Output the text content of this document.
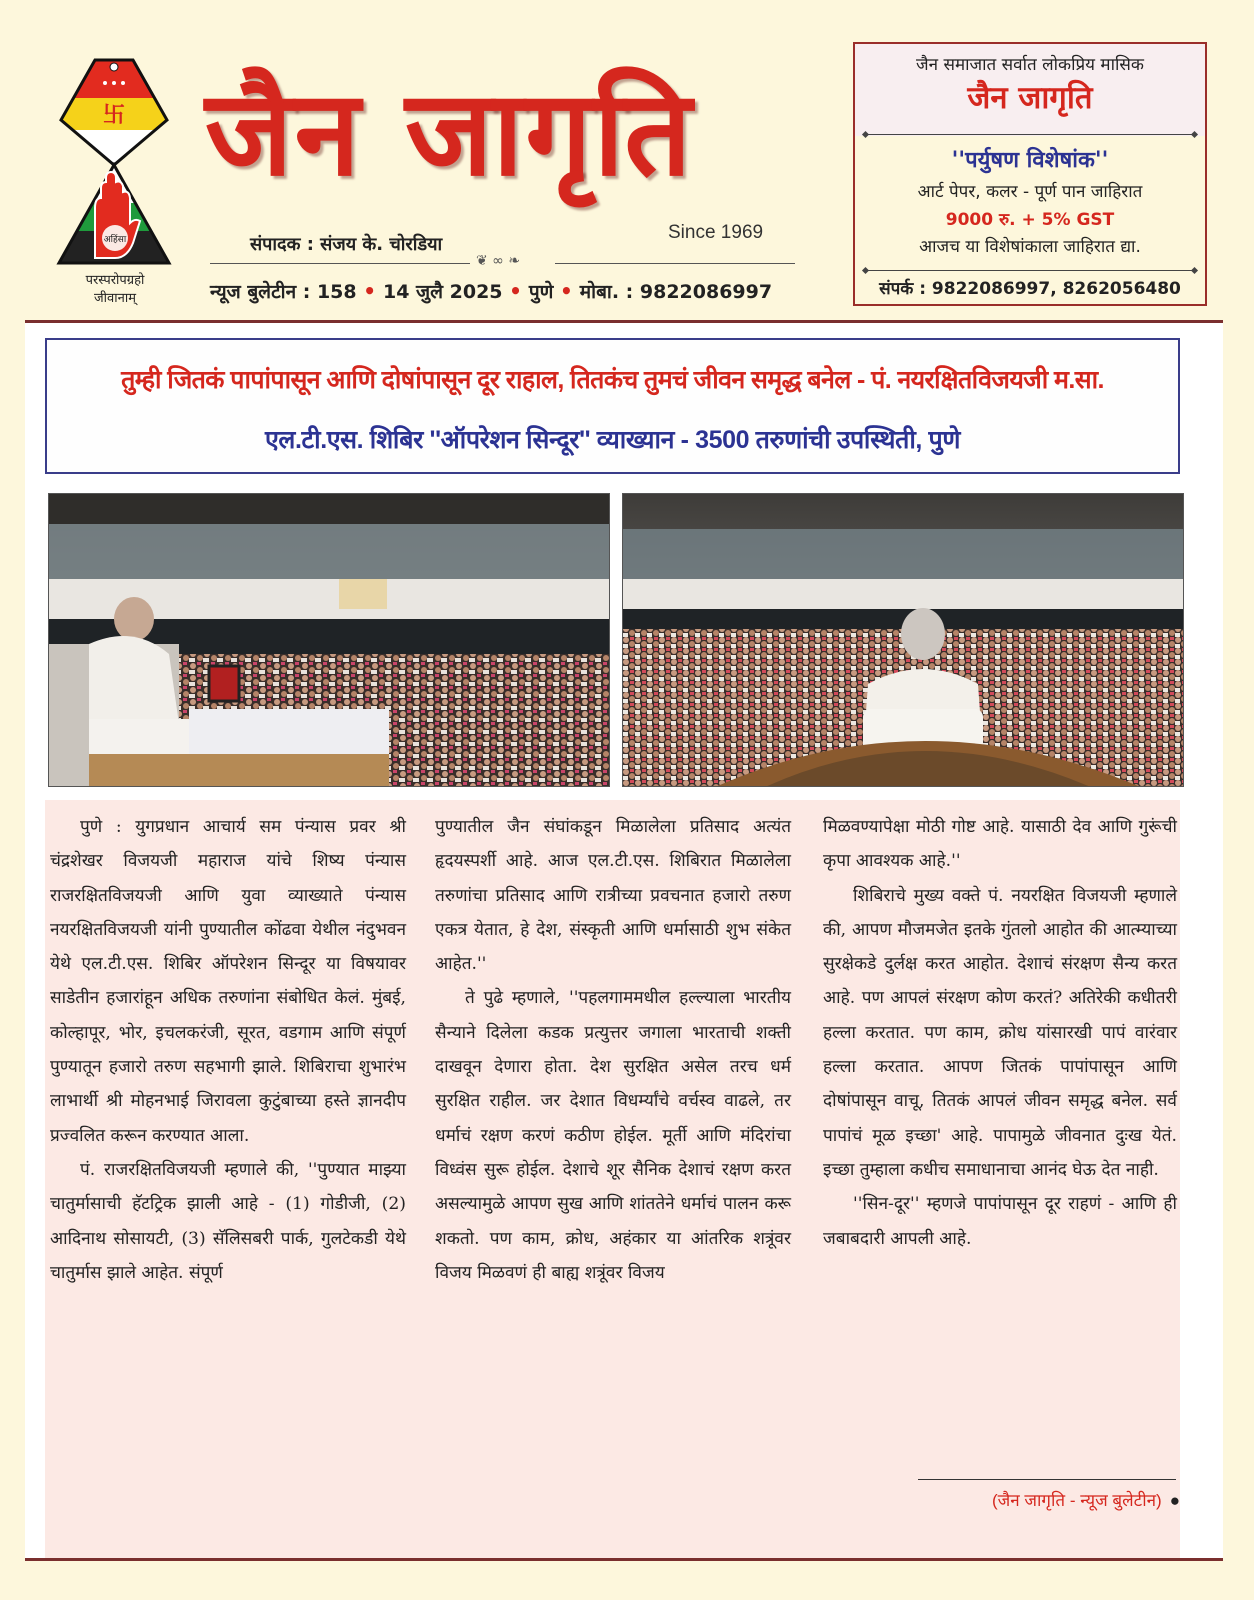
卐
अहिंसा
परस्परोपग्रहो
जीवानाम्
जैन जागृति
Since 1969
संपादक : संजय के. चोरडिया
❦ ∞ ❧
न्यूज बुलेटीन : 158 • 14 जुलै 2025 • पुणे • मोबा. : 9822086997
जैन समाजात सर्वात लोकप्रिय मासिक
जैन जागृति
''पर्युषण विशेषांक''
आर्ट पेपर, कलर - पूर्ण पान जाहिरात
9000 रु. + 5% GST
आजच या विशेषांकाला जाहिरात द्या.
संपर्क : 9822086997, 8262056480
तुम्ही जितकं पापांपासून आणि दोषांपासून दूर राहाल, तितकंच तुमचं जीवन समृद्ध बनेल - पं. नयरक्षितविजयजी म.सा.
एल.टी.एस. शिबिर ''ऑपरेशन सिन्दूर'' व्याख्यान - 3500 तरुणांची उपस्थिती, पुणे

पुणे : युगप्रधान आचार्य सम पंन्यास प्रवर श्री चंद्रशेखर विजयजी महाराज यांचे शिष्य पंन्यास राजरक्षितविजयजी आणि युवा व्याख्याते पंन्यास नयरक्षितविजयजी यांनी पुण्यातील कोंढवा येथील नंदुभवन येथे एल.टी.एस. शिबिर ऑपरेशन सिन्दूर या विषयावर साडेतीन हजारांहून अधिक तरुणांना संबोधित केलं. मुंबई, कोल्हापूर, भोर, इचलकरंजी, सूरत, वडगाम आणि संपूर्ण पुण्यातून हजारो तरुण सहभागी झाले. शिबिराचा शुभारंभ लाभार्थी श्री मोहनभाई जिरावला कुटुंबाच्या हस्ते ज्ञानदीप प्रज्वलित करून करण्यात आला.

पं. राजरक्षितविजयजी म्हणाले की, ''पुण्यात माझ्या चातुर्मासाची हॅटट्रिक झाली आहे - (1) गोडीजी, (2) आदिनाथ सोसायटी, (3) सॅलिसबरी पार्क, गुलटेकडी येथे चातुर्मास झाले आहेत. संपूर्ण

पुण्यातील जैन संघांकडून मिळालेला प्रतिसाद अत्यंत हृदयस्पर्शी आहे. आज एल.टी.एस. शिबिरात मिळालेला तरुणांचा प्रतिसाद आणि रात्रीच्या प्रवचनात हजारो तरुण एकत्र येतात, हे देश, संस्कृती आणि धर्मासाठी शुभ संकेत आहेत.''

ते पुढे म्हणाले, ''पहलगाममधील हल्ल्याला भारतीय सैन्याने दिलेला कडक प्रत्युत्तर जगाला भारताची शक्ती दाखवून देणारा होता. देश सुरक्षित असेल तरच धर्म सुरक्षित राहील. जर देशात विधर्म्यांचे वर्चस्व वाढले, तर धर्माचं रक्षण करणं कठीण होईल. मूर्ती आणि मंदिरांचा विध्वंस सुरू होईल. देशाचे शूर सैनिक देशाचं रक्षण करत असल्यामुळे आपण सुख आणि शांततेने धर्माचं पालन करू शकतो. पण काम, क्रोध, अहंकार या आंतरिक शत्रूंवर विजय मिळवणं ही बाह्य शत्रूंवर विजय

मिळवण्यापेक्षा मोठी गोष्ट आहे. यासाठी देव आणि गुरूंची कृपा आवश्यक आहे.''

शिबिराचे मुख्य वक्ते पं. नयरक्षित विजयजी म्हणाले की, आपण मौजमजेत इतके गुंतलो आहोत की आत्म्याच्या सुरक्षेकडे दुर्लक्ष करत आहोत. देशाचं संरक्षण सैन्य करत आहे. पण आपलं संरक्षण कोण करतं? अतिरेकी कधीतरी हल्ला करतात. पण काम, क्रोध यांसारखी पापं वारंवार हल्ला करतात. आपण जितकं पापांपासून आणि दोषांपासून वाचू, तितकं आपलं जीवन समृद्ध बनेल. सर्व पापांचं मूळ इच्छा' आहे. पापामुळे जीवनात दुःख येतं. इच्छा तुम्हाला कधीच समाधानाचा आनंद घेऊ देत नाही.

''सिन-दूर'' म्हणजे पापांपासून दूर राहणं - आणि ही जबाबदारी आपली आहे.

(जैन जागृति - न्यूज बुलेटीन) ●
